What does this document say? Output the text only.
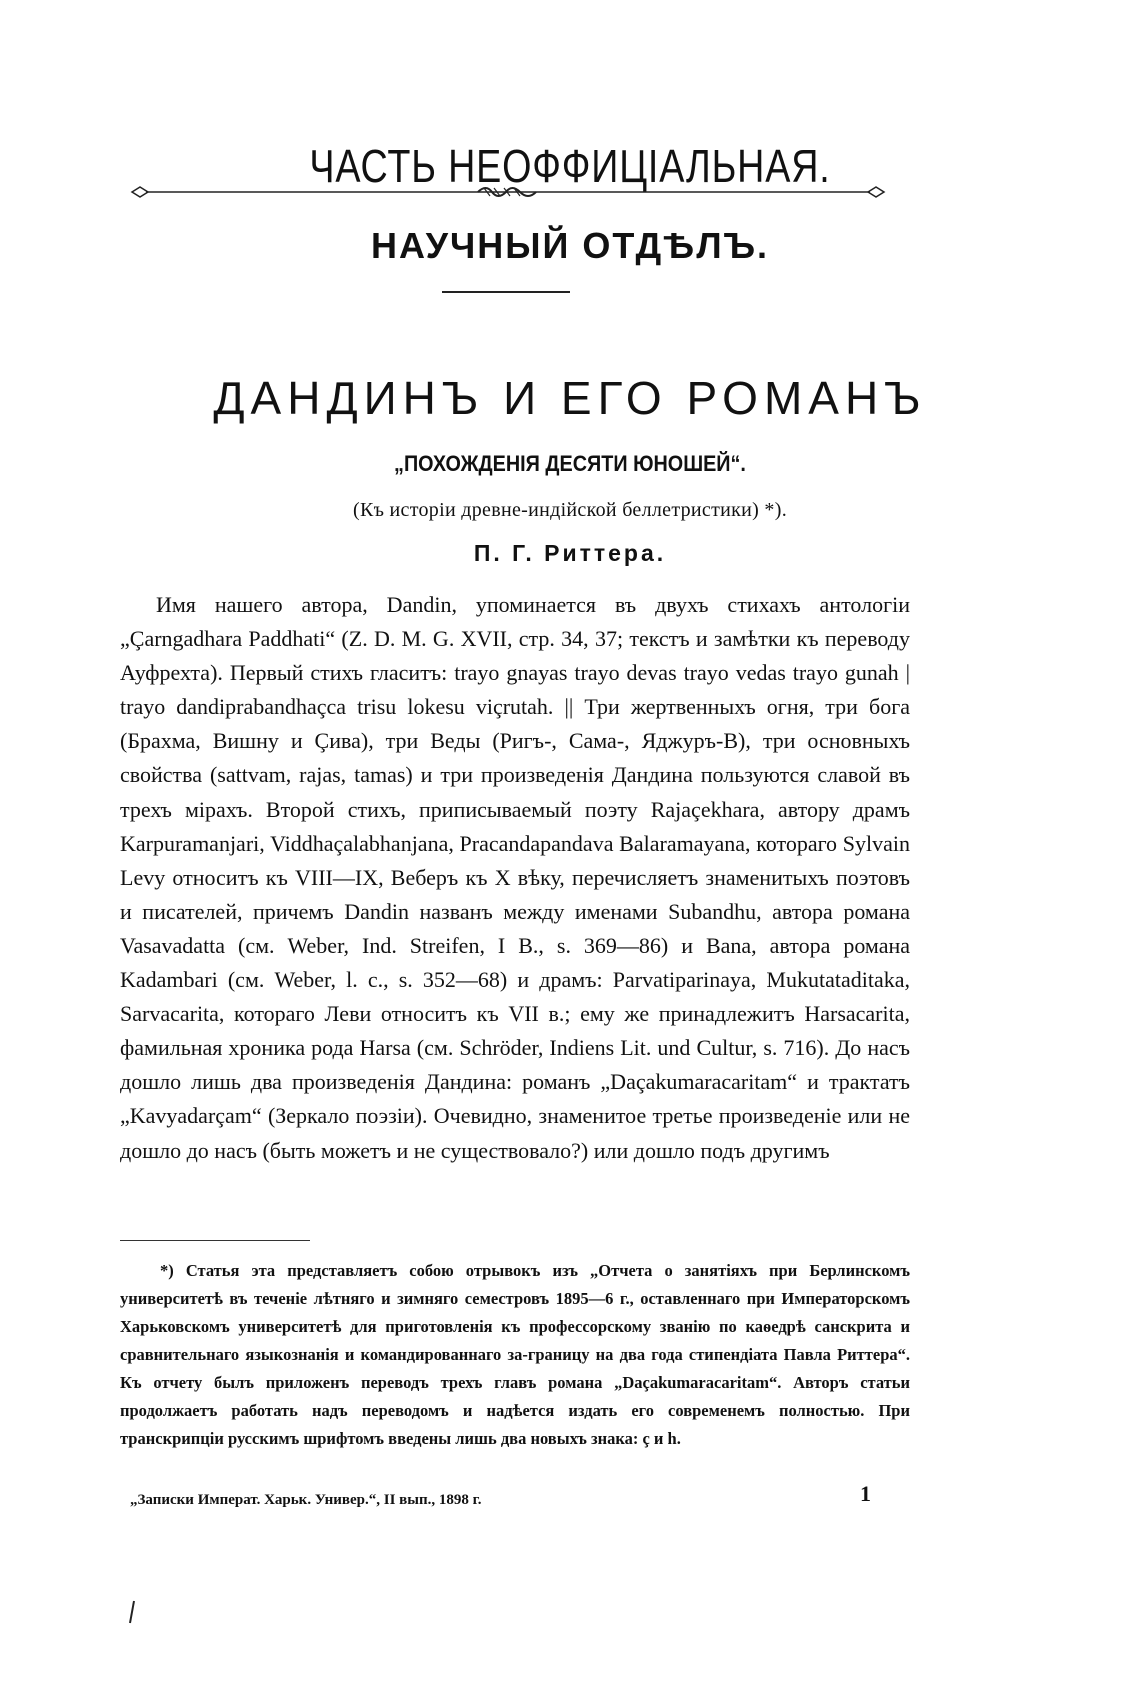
ЧАСТЬ НЕОФФИЦІАЛЬНАЯ.
НАУЧНЫЙ ОТДѢЛЪ.
ДАНДИНЪ И ЕГО РОМАНЪ
„ПОХОЖДЕНІЯ ДЕСЯТИ ЮНОШЕЙ“.
(Къ исторіи древне-индійской беллетристики) *).
П. Г. Риттера.

Имя нашего автора, Dandin, упоминается въ двухъ стихахъ антологіи „Çarngadhara Paddhati“ (Z. D. M. G. XVII, стр. 34, 37; текстъ и замѣтки къ переводу Ауфрехта). Первый стихъ гласитъ: trayo gnayas trayo devas trayo vedas trayo gunah | trayo dandiprabandhaçca trisu lokesu viçrutah. || Три жертвенныхъ огня, три бога (Брахма, Вишну и Çива), три Веды (Ригъ-, Сама-, Яджуръ-В), три основныхъ свойства (sattvam, rajas, tamas) и три произведенія Дандина пользуются славой въ трехъ мірахъ. Второй стихъ, приписываемый поэту Rajaçekhara, автору драмъ Karpuramanjari, Viddhaçalabhanjana, Pracandapandava Balaramayana, котораго Sylvain Levy относитъ къ VIII—IX, Веберъ къ X вѣку, перечисляетъ знаменитыхъ поэтовъ и писателей, причемъ Dandin названъ между именами Subandhu, автора романа Vasavadatta (см. Weber, Ind. Streifen, I B., s. 369—86) и Bana, автора романа Kadambari (см. Weber, l. c., s. 352—68) и драмъ: Parvatiparinaya, Mukutataditaka, Sarvacarita, котораго Леви относитъ къ VII в.; ему же принадлежитъ Harsacarita, фамильная хроника рода Harsa (см. Schröder, Indiens Lit. und Cultur, s. 716). До насъ дошло лишь два произведенія Дандина: романъ „Daçakumaracaritam“ и трактатъ „Kavyadarçam“ (Зеркало поэзіи). Очевидно, знаменитое третье произведеніе или не дошло до насъ (быть можетъ и не существовало?) или дошло подъ другимъ

*) Статья эта представляетъ собою отрывокъ изъ „Отчета о занятіяхъ при Берлинскомъ университетѣ въ теченіе лѣтняго и зимняго семестровъ 1895—6 г., оставленнаго при Императорскомъ Харьковскомъ университетѣ для приготовленія къ профессорскому званію по каѳедрѣ санскрита и сравнительнаго языкознанія и командированнаго за-границу на два года стипендіата Павла Риттера“. Къ отчету былъ приложенъ переводъ трехъ главъ романа „Daçakumaracaritam“. Авторъ статьи продолжаетъ работать надъ переводомъ и надѣется издать его современемъ полностью. При транскрипціи русскимъ шрифтомъ введены лишь два новыхъ знака: ç и h.

„Записки Императ. Харьк. Универ.“, II вып., 1898 г.	1
